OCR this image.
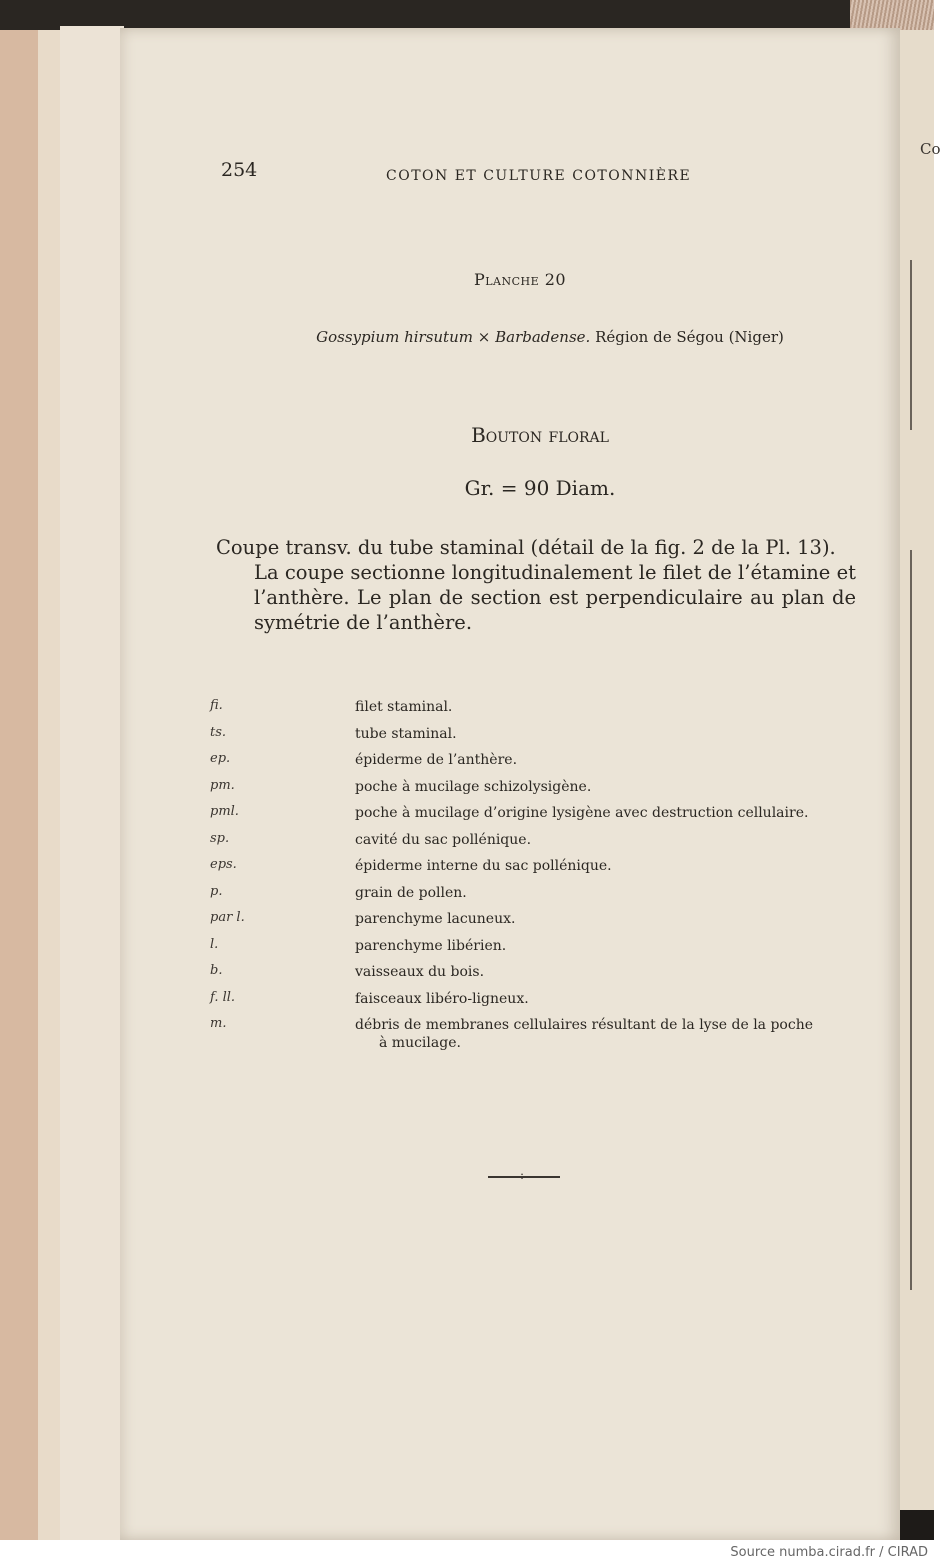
Co
254	COTON ET CULTURE COTONNIÈRE
Planche 20
Gossypium hirsutum × Barbadense. Région de Ségou (Niger)
Bouton floral
Gr. = 90 Diam.
Coupe transv. du tube staminal (détail de la fig. 2 de la Pl. 13).
La coupe sectionne longitudinalement le filet de l’étamine et l’anthère. Le plan de section est perpendiculaire au plan de symétrie de l’anthère.
fi.	filet staminal.
ts.	tube staminal.
ep.	épiderme de l’anthère.
pm.	poche à mucilage schizolysigène.
pml.	poche à mucilage d’origine lysigène avec destruction cellulaire.
sp.	cavité du sac pollénique.
eps.	épiderme interne du sac pollénique.
p.	grain de pollen.
par l.	parenchyme lacuneux.
l.	parenchyme libérien.
b.	vaisseaux du bois.
f. ll.	faisceaux libéro-ligneux.
m.	débris de membranes cellulaires résultant de la lyse de la poche
à mucilage.
:
Source numba.cirad.fr / CIRAD
